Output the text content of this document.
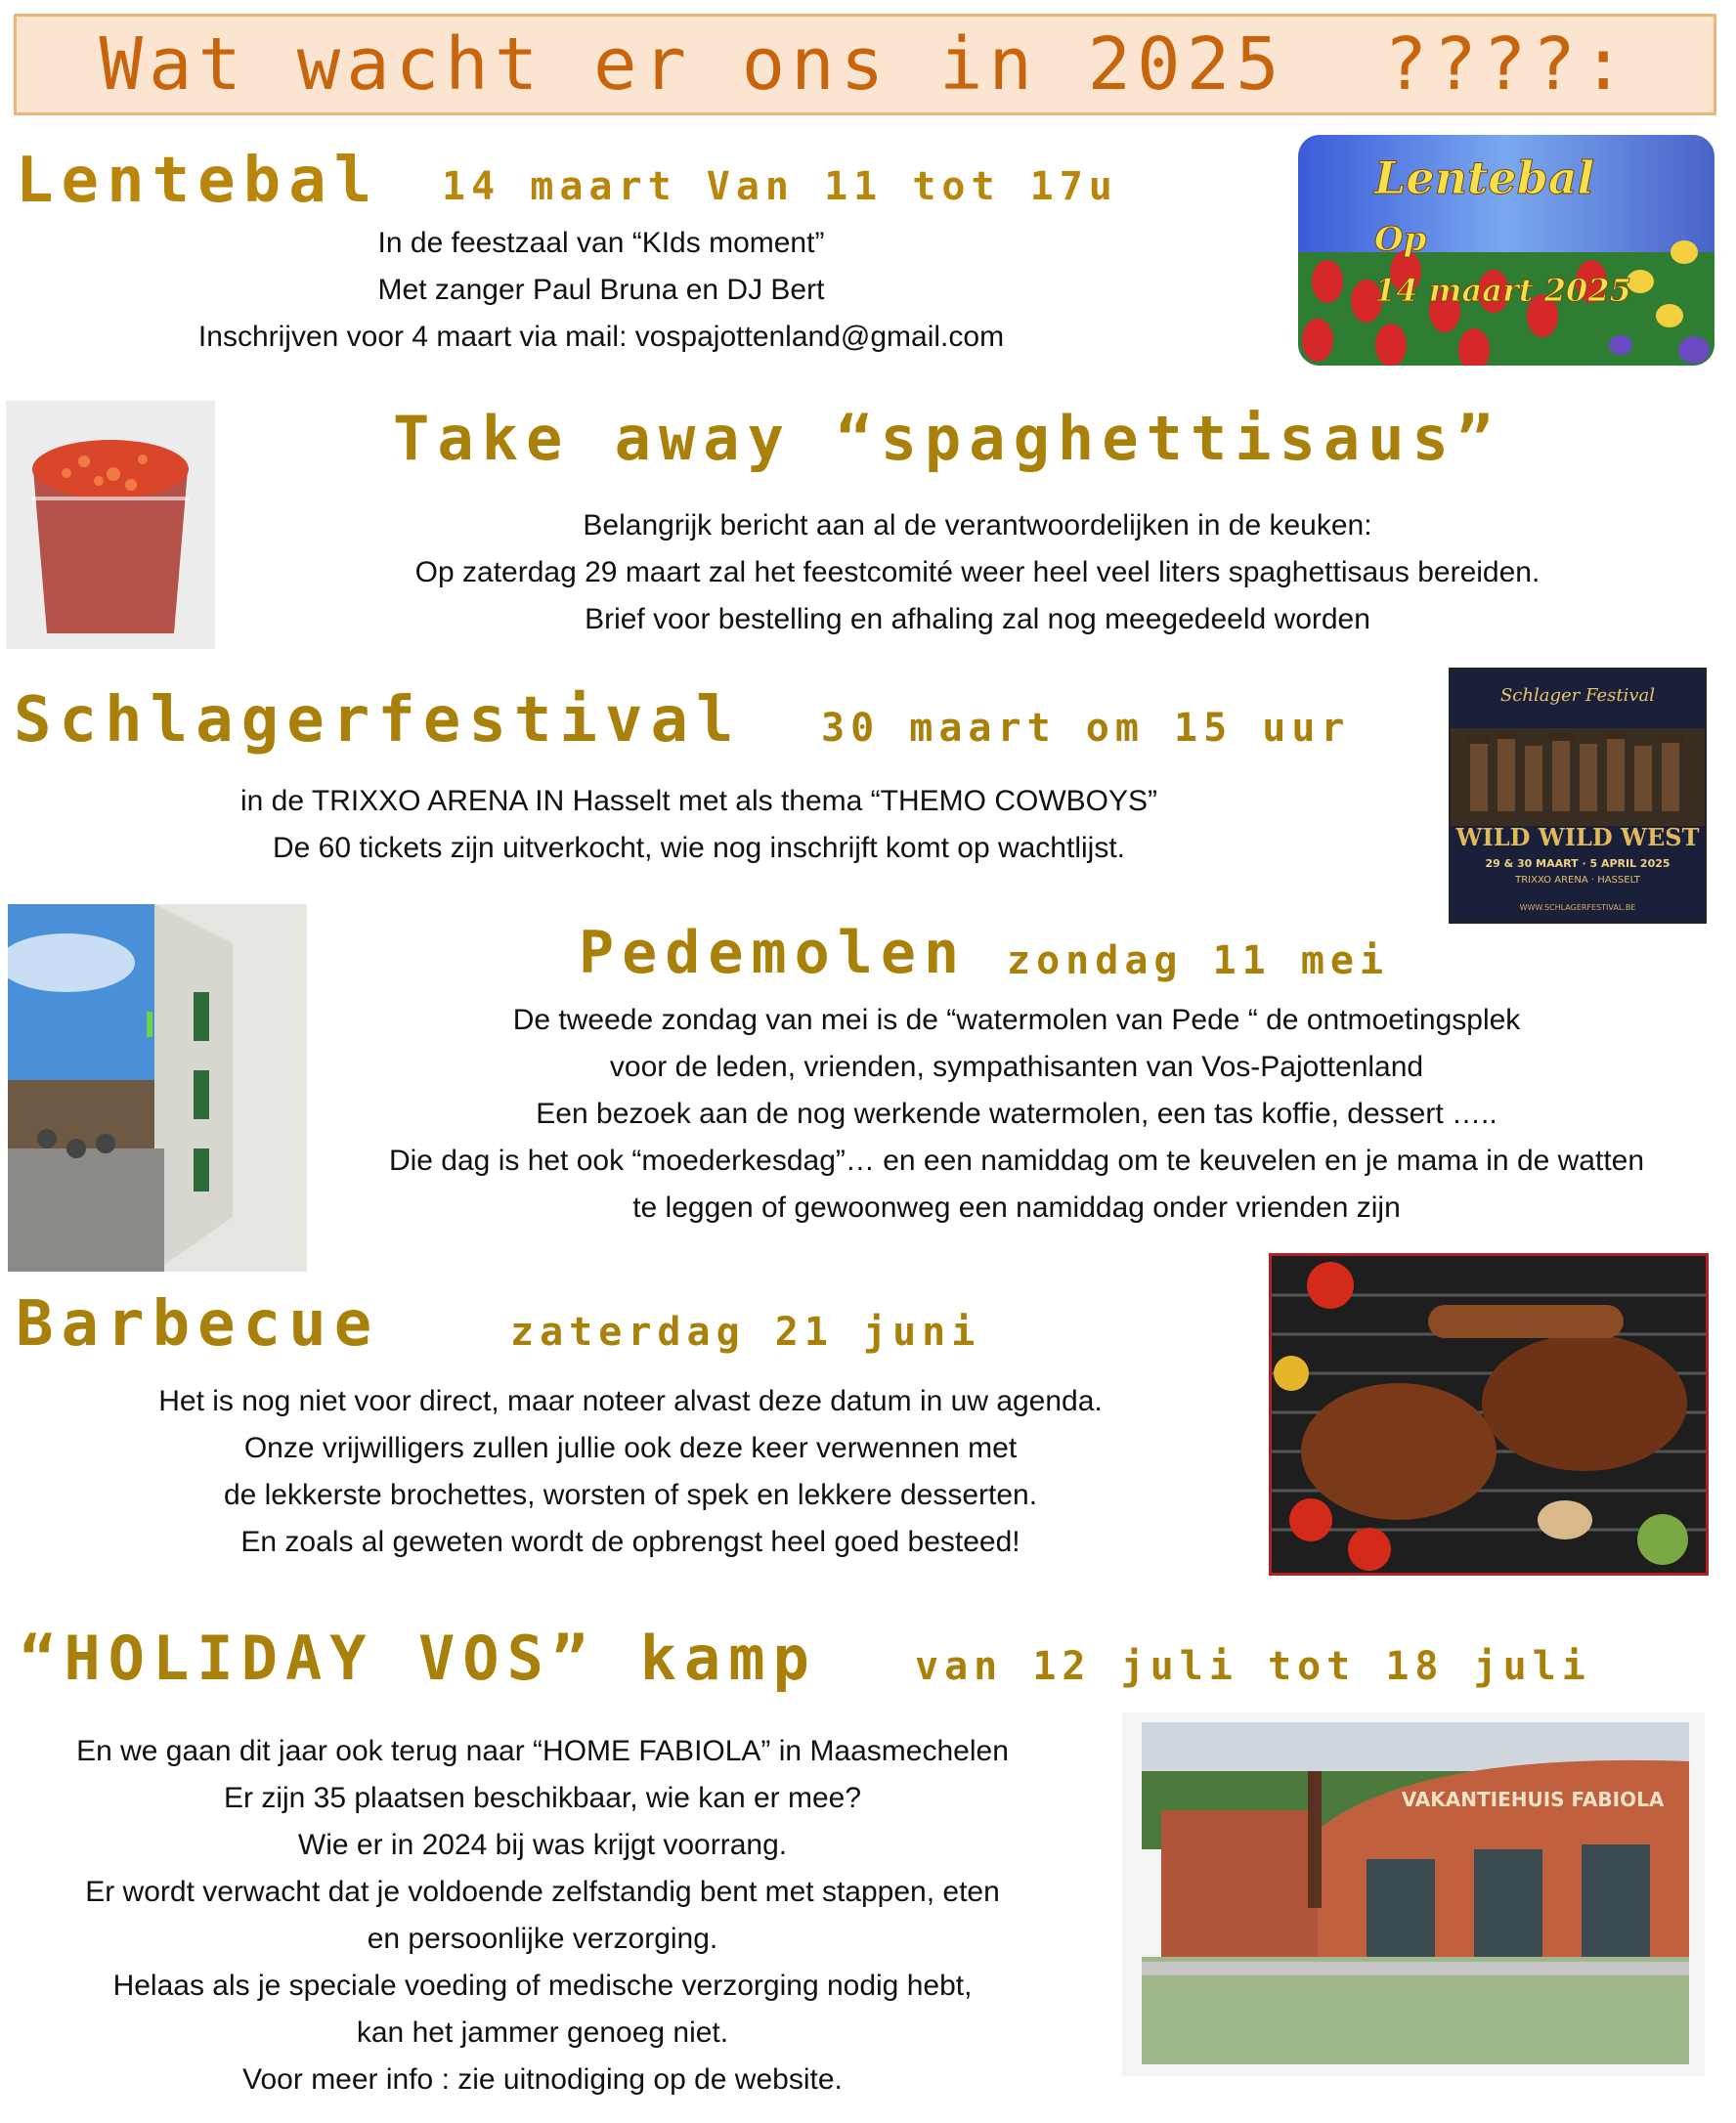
Wat wacht er ons in 2025  ????:
Lentebal 14 maart Van 11 tot 17u
In de feestzaal van “KIds moment”
Met zanger Paul Bruna en DJ Bert
Inschrijven voor 4 maart via mail: vospajottenland@gmail.com
Lentebal
Op
14 maart 2025
Take away “spaghettisaus”
Belangrijk bericht aan al de verantwoordelijken in de keuken:
Op zaterdag 29 maart zal het feestcomité weer heel veel liters spaghettisaus bereiden.
Brief voor bestelling en afhaling zal nog meegedeeld worden
Schlagerfestival 30 maart om 15 uur
in de TRIXXO ARENA IN Hasselt met als thema “THEMO COWBOYS”
De 60 tickets zijn uitverkocht, wie nog inschrijft komt op wachtlijst.
Schlager Festival
WILD WILD WEST
29 & 30 MAART · 5 APRIL 2025
TRIXXO ARENA · HASSELT
WWW.SCHLAGERFESTIVAL.BE
Pedemolen zondag 11 mei
De tweede zondag van mei is de “watermolen van Pede “ de ontmoetingsplek
voor de leden, vrienden, sympathisanten van Vos-Pajottenland
Een bezoek aan de nog werkende watermolen, een tas koffie, dessert …..
Die dag is het ook “moederkesdag”… en een namiddag om te keuvelen en je mama in de watten
te leggen of gewoonweg een namiddag onder vrienden zijn
Barbecue	zaterdag 21 juni
Het is nog niet voor direct, maar noteer alvast deze datum in uw agenda.
Onze vrijwilligers zullen jullie ook deze keer verwennen met
de lekkerste brochettes, worsten of spek en lekkere desserten.
En zoals al geweten wordt de opbrengst heel goed besteed!
“HOLIDAY VOS” kamp	van 12 juli tot 18 juli
En we gaan dit jaar ook terug naar “HOME FABIOLA” in Maasmechelen
Er zijn 35 plaatsen beschikbaar, wie kan er mee?
Wie er in 2024 bij was krijgt voorrang.
Er wordt verwacht dat je voldoende zelfstandig bent met stappen, eten
en persoonlijke verzorging.
Helaas als je speciale voeding of medische verzorging nodig hebt,
kan het jammer genoeg niet.
Voor meer info : zie uitnodiging op de website.
VAKANTIEHUIS FABIOLA
